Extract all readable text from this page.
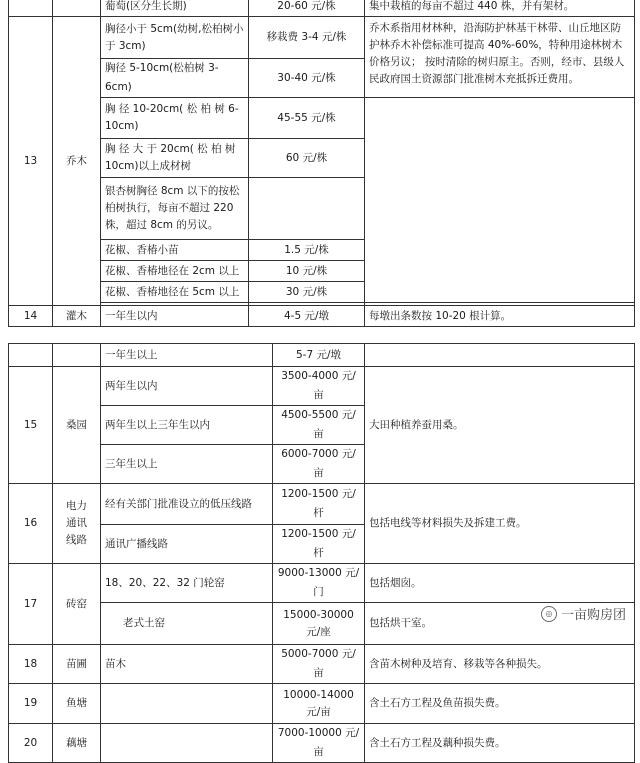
		葡萄(区分生长期)	20-60 元/株	集中栽植的每亩不超过 440 株，并有架材。
13	乔木	胸径小于 5cm(幼树,松柏树小于 3cm)	移栽费 3-4 元/株	乔木系指用材林种，沿海防护林基干林带、山丘地区防护林乔木补偿标准可提高 40%-60%，特种用途林树木价格另议； 按时清除的树归原主。否则，经市、县级人民政府国土资源部门批准树木充抵拆迁费用。
		胸径 5-10cm(松柏树 3-6cm)	30-40 元/株	
		胸 径 10-20cm( 松 柏 树 6-10cm)	45-55 元/株	
		胸 径 大 于 20cm( 松 柏 树 10cm)以上成材树	60 元/株	
		银杏树胸径 8cm 以下的按松柏树执行，每亩不超过 220 株，超过 8cm 的另议。		
		花椒、香椿小苗	1.5 元/株	
		花椒、香椿地径在 2cm 以上	10 元/株	
		花椒、香椿地径在 5cm 以上	30 元/株	

14	灌木	一年生以内	4-5 元/墩	每墩出条数按 10-20 根计算。
		一年生以上	5-7 元/墩	
15	桑园	两年生以内	3500-4000 元/亩	大田种植养蚕用桑。
		两年生以上三年生以内	4500-5500 元/亩	
		三年生以上	6000-7000 元/亩	
16	电力通讯线路	经有关部门批准设立的低压线路	1200-1500 元/杆	包括电线等材料损失及拆建工费。
		通讯广播线路	1200-1500 元/杆	
17	砖窑	18、20、22、32 门轮窑	9000-13000 元/门	包括烟囱。
		老式土窑	15000-30000 元/座	包括烘干室。
18	苗圃	苗木	5000-7000 元/亩	含苗木树种及培育、移栽等各种损失。
19	鱼塘		10000-14000 元/亩	含土石方工程及鱼苗损失费。
20	藕塘		7000-10000 元/亩	含土石方工程及藕种损失费。
◎ 一亩购房团
